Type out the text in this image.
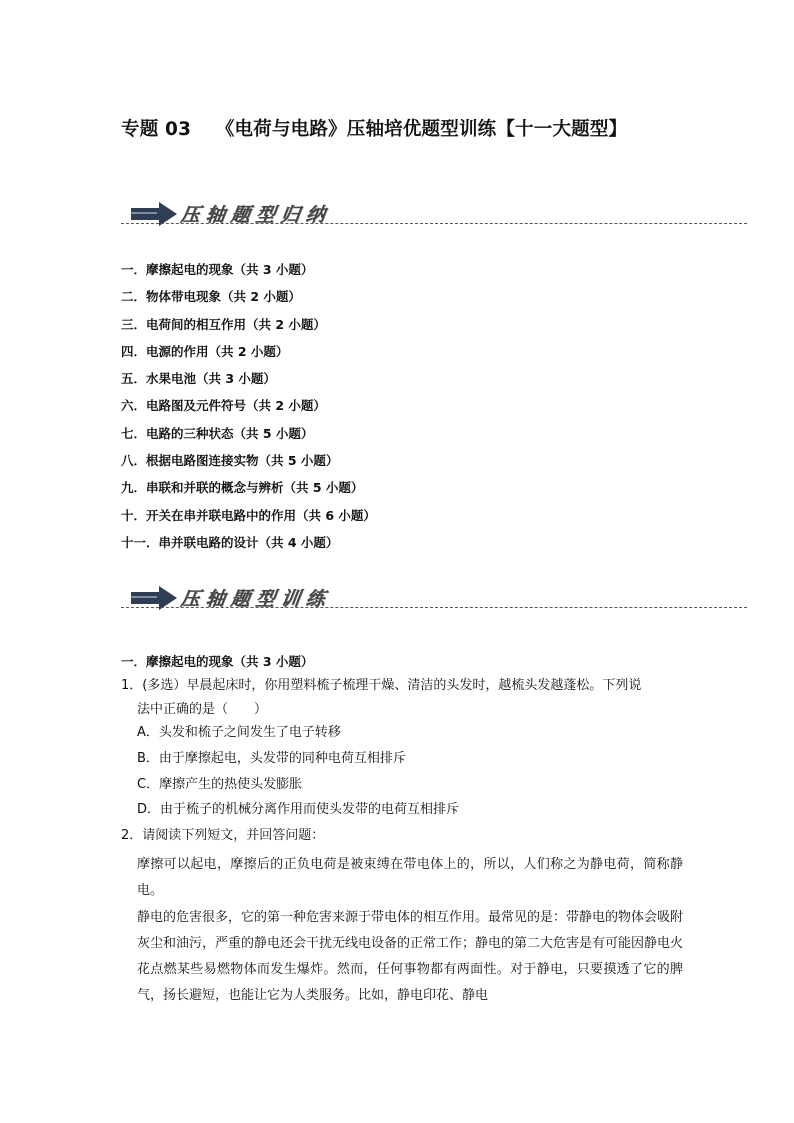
专题 03 《电荷与电路》压轴培优题型训练【十一大题型】
压轴题型归纳
一．摩擦起电的现象（共 3 小题）
二．物体带电现象（共 2 小题）
三．电荷间的相互作用（共 2 小题）
四．电源的作用（共 2 小题）
五．水果电池（共 3 小题）
六．电路图及元件符号（共 2 小题）
七．电路的三种状态（共 5 小题）
八．根据电路图连接实物（共 5 小题）
九．串联和并联的概念与辨析（共 5 小题）
十．开关在串并联电路中的作用（共 6 小题）
十一．串并联电路的设计（共 4 小题）
压轴题型训练
一．摩擦起电的现象（共 3 小题）
1．(多选）早晨起床时，你用塑料梳子梳理干燥、清洁的头发时，越梳头发越蓬松。下列说
法中正确的是（　　）
A．头发和梳子之间发生了电子转移
B．由于摩擦起电，头发带的同种电荷互相排斥
C．摩擦产生的热使头发膨胀
D．由于梳子的机械分离作用而使头发带的电荷互相排斥
2．请阅读下列短文，并回答问题：
摩擦可以起电，摩擦后的正负电荷是被束缚在带电体上的，所以，人们称之为静电荷，简称静电。
静电的危害很多，它的第一种危害来源于带电体的相互作用。最常见的是：带静电的物体会吸附灰尘和油污，严重的静电还会干扰无线电设备的正常工作；静电的第二大危害是有可能因静电火花点燃某些易燃物体而发生爆炸。然而，任何事物都有两面性。对于静电，只要摸透了它的脾气，扬长避短，也能让它为人类服务。比如，静电印花、静电
